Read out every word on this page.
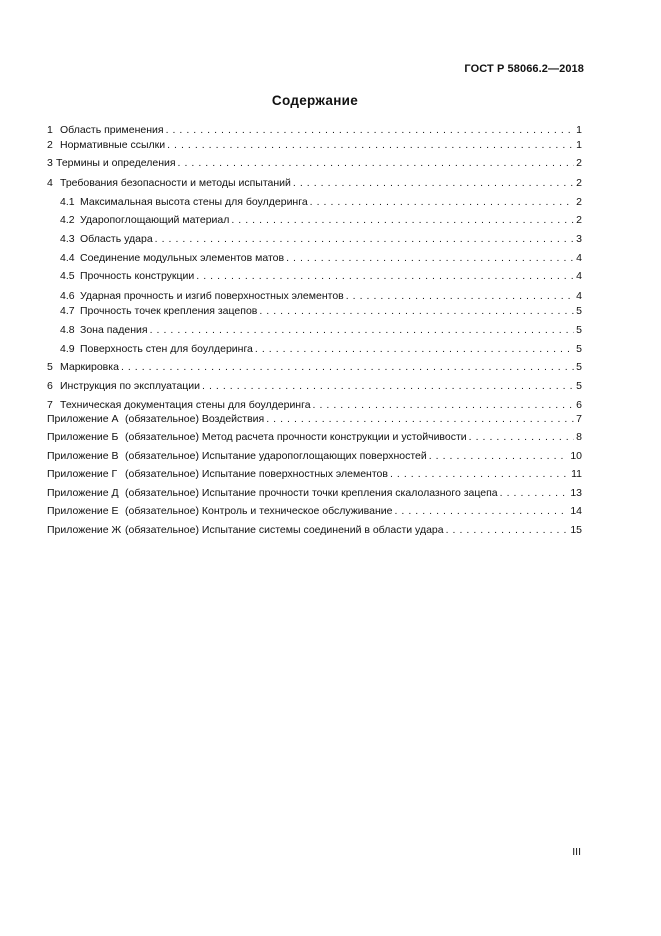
ГОСТ Р 58066.2—2018
Содержание
1 Область применения . . .	1
2 Нормативные ссылки . . .	1
3 Термины и определения . . .	2
4 Требования безопасности и методы испытаний . . .	2
4.1 Максимальная высота стены для боулдеринга . . .	2
4.2 Ударопоглощающий материал . . .	2
4.3 Область удара . . .	3
4.4 Соединение модульных элементов матов . . .	4
4.5 Прочность конструкции . . .	4
4.6 Ударная прочность и изгиб поверхностных элементов . . .	4
4.7 Прочность точек крепления зацепов . . .	5
4.8 Зона падения . . .	5
4.9 Поверхность стен для боулдеринга . . .	5
5 Маркировка . . .	5
6 Инструкция по эксплуатации . . .	5
7 Техническая документация стены для боулдеринга . . .	6
Приложение А (обязательное) Воздействия . . .	7
Приложение Б (обязательное) Метод расчета прочности конструкции и устойчивости . . .	8
Приложение В (обязательное) Испытание ударопоглощающих поверхностей . . .	10
Приложение Г (обязательное) Испытание поверхностных элементов . . .	11
Приложение Д (обязательное) Испытание прочности точки крепления скалолазного зацепа . . .	13
Приложение Е (обязательное) Контроль и техническое обслуживание . . .	14
Приложение Ж (обязательное) Испытание системы соединений в области удара . . .	15
III
